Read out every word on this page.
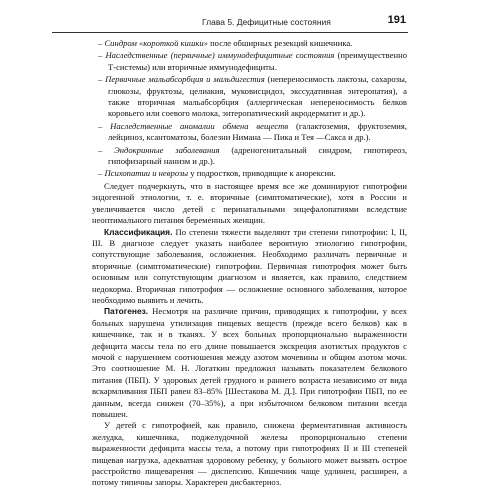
Глава 5. Дефицитные состояния	191
– Синдром «короткой кишки» после обширных резекций кишечника.
– Наследственные (первичные) иммунодефицитные состояния (преимущественно Т-системы) или вторичные иммунодефициты.
– Первичные мальабсорбция и мальдигестия (непереносимость лактозы, сахарозы, глюкозы, фруктозы, целиакия, муковисцидоз, экссудативная энтеропатия), а также вторичная мальабсорбция (аллергическая непереносимость белков коровьего или соевого молока, энтеропатический акродерматит и др.).
– Наследственные аномалии обмена веществ (галактоземия, фруктоземия, лейциноз, ксантоматозы, болезни Нимана — Пика и Тея —Сакса и др.).
– Эндокринные заболевания (адреногенитальный синдром, гипотиреоз, гипофизарный нанизм и др.).
– Психопатии и неврозы у подростков, приводящие к анорексии.

Следует подчеркнуть, что в настоящее время все же доминируют гипотрофии эндогенной этиологии, т. е. вторичные (симптоматические), хотя в России и увеличивается число детей с перинатальными энцефалопатиями вследствие неоптимального питания беременных женщин.

Классификация. По степени тяжести выделяют три степени гипотрофии: I, II, III. В диагнозе следует указать наиболее вероятную этиологию гипотрофии, сопутствующие заболевания, осложнения. Необходимо различать первичные и вторичные (симптоматические) гипотрофии. Первичная гипотрофия может быть основным или сопутствующим диагнозом и является, как правило, следствием недокорма. Вторичная гипотрофия — осложнение основного заболевания, которое необходимо выявить и лечить.

Патогенез. Несмотря на различие причин, приводящих к гипотрофии, у всех больных нарушена утилизация пищевых веществ (прежде всего белков) как в кишечнике, так и в тканях. У всех больных пропорционально выраженности дефицита массы тела по его длине повышается экскреция азотистых продуктов с мочой с нарушением соотношения между азотом мочевины и общим азотом мочи. Это соотношение М. Н. Логаткин предложил называть показателем белкового питания (ПБП). У здоровых детей грудного и раннего возраста независимо от вида вскармливания ПБП равен 83–85% [Шестакова М. Д.]. При гипотрофии ПБП, по ее данным, всегда снижен (70–35%), а при избыточном белковом питании всегда повышен.

У детей с гипотрофией, как правило, снижена ферментативная активность желудка, кишечника, поджелудочной железы пропорционально степени выраженности дефицита массы тела, а потому при гипотрофиях II и III степеней пищевая нагрузка, адекватная здоровому ребенку, у больного может вызвать острое расстройство пищеварения — диспепсию. Кишечник чаще удлинен, расширен, а потому типичны запоры. Характерен дисбактериоз.
